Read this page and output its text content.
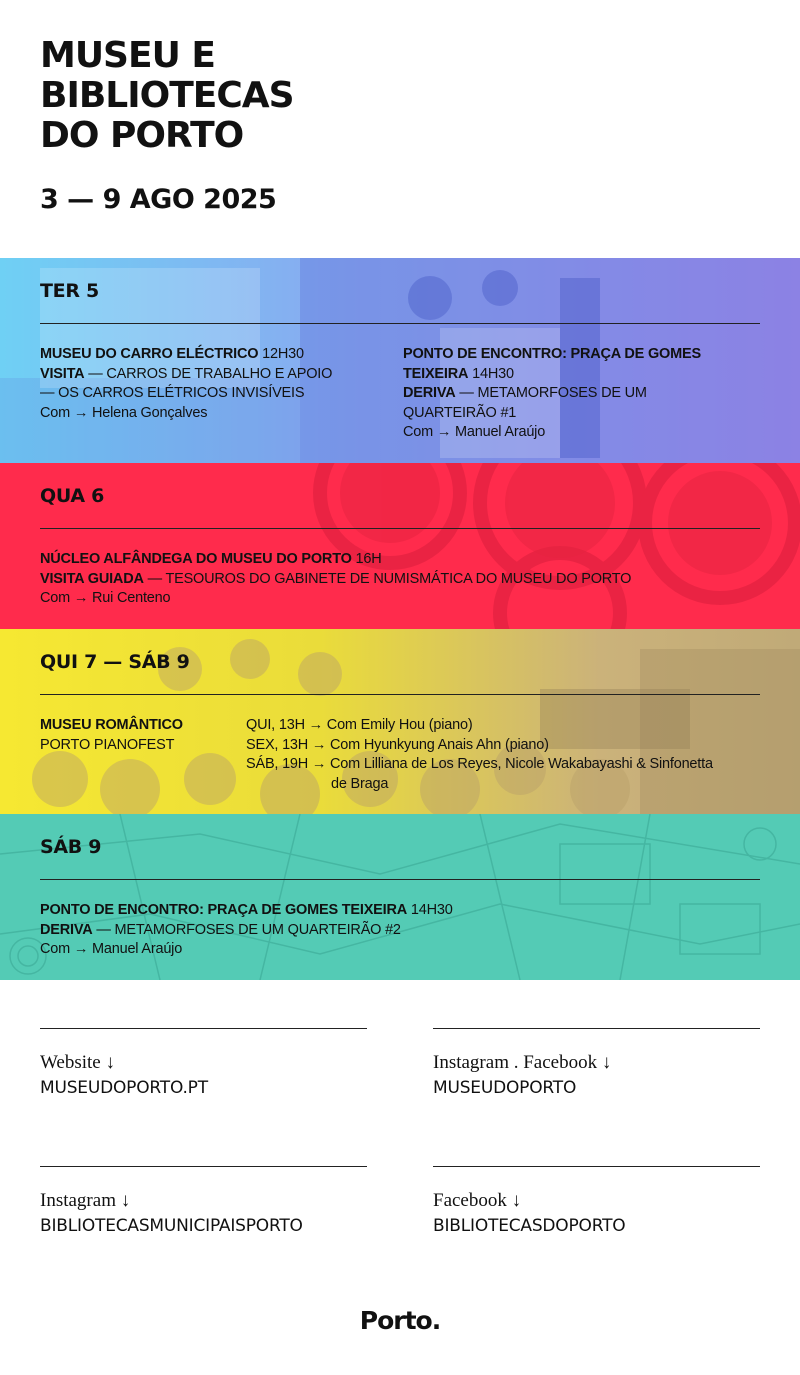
MUSEU E
BIBLIOTECAS
DO PORTO
3 — 9 AGO 2025
TER 5
MUSEU DO CARRO ELÉCTRICO 12H30
VISITA — CARROS DE TRABALHO E APOIO
— OS CARROS ELÉTRICOS INVISÍVEIS
Com → Helena Gonçalves
PONTO DE ENCONTRO: PRAÇA DE GOMES
TEIXEIRA 14H30
DERIVA — METAMORFOSES DE UM
QUARTEIRÃO #1
Com → Manuel Araújo
QUA 6
NÚCLEO ALFÂNDEGA DO MUSEU DO PORTO 16H
VISITA GUIADA — TESOUROS DO GABINETE DE NUMISMÁTICA DO MUSEU DO PORTO
Com → Rui Centeno
QUI 7 — SÁB 9
MUSEU ROMÂNTICO
PORTO PIANOFEST
QUI, 13H → Com Emily Hou (piano)
SEX, 13H → Com Hyunkyung Anais Ahn (piano)
SÁB, 19H → Com Lilliana de Los Reyes, Nicole Wakabayashi & Sinfonetta
de Braga
SÁB 9
PONTO DE ENCONTRO: PRAÇA DE GOMES TEIXEIRA 14H30
DERIVA — METAMORFOSES DE UM QUARTEIRÃO #2
Com → Manuel Araújo
Website ↓
MUSEUDOPORTO.PT
Instagram . Facebook ↓
MUSEUDOPORTO
Instagram ↓
BIBLIOTECASMUNICIPAISPORTO
Facebook ↓
BIBLIOTECASDOPORTO
Porto.
